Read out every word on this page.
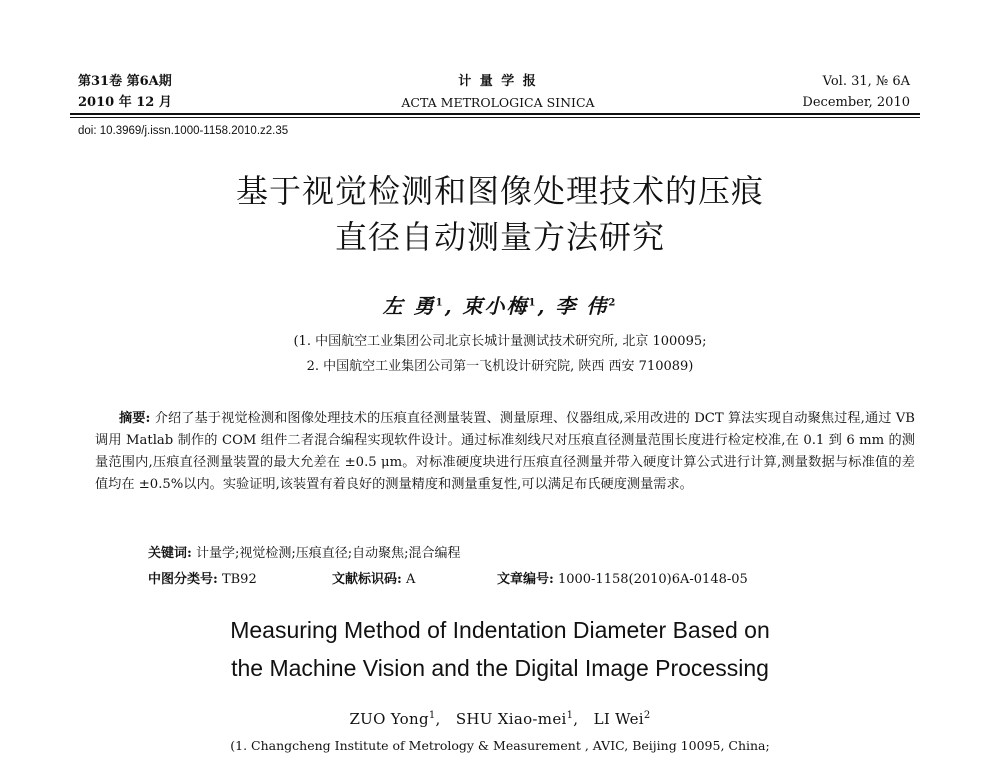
第31卷 第6A期
2010 年 12 月
计 量 学 报
ACTA METROLOGICA SINICA
Vol. 31, № 6A
December, 2010
doi: 10.3969/j.issn.1000-1158.2010.z2.35
基于视觉检测和图像处理技术的压痕
直径自动测量方法研究
左 勇$^1$, 束小梅$^1$, 李 伟$^2$
(1. 中国航空工业集团公司北京长城计量测试技术研究所, 北京 100095;
2. 中国航空工业集团公司第一飞机设计研究院, 陕西 西安 710089)
摘要: 介绍了基于视觉检测和图像处理技术的压痕直径测量装置、测量原理、仪器组成,采用改进的 DCT 算法实现自动聚焦过程,通过 VB 调用 Matlab 制作的 COM 组件二者混合编程实现软件设计。通过标准刻线尺对压痕直径测量范围长度进行检定校准,在 0.1 到 6 mm 的测量范围内,压痕直径测量装置的最大允差在 ±0.5 μm。对标准硬度块进行压痕直径测量并带入硬度计算公式进行计算,测量数据与标准值的差值均在 ±0.5%以内。实验证明,该装置有着良好的测量精度和测量重复性,可以满足布氏硬度测量需求。
关键词: 计量学;视觉检测;压痕直径;自动聚焦;混合编程
中图分类号: TB92	文献标识码: A	文章编号: 1000-1158(2010)6A-0148-05
Measuring Method of Indentation Diameter Based on
the Machine Vision and the Digital Image Processing
ZUO Yong$^1$,   SHU Xiao-mei$^1$,   LI Wei$^2$
(1. Changcheng Institute of Metrology & Measurement , AVIC, Beijing 10095, China;
